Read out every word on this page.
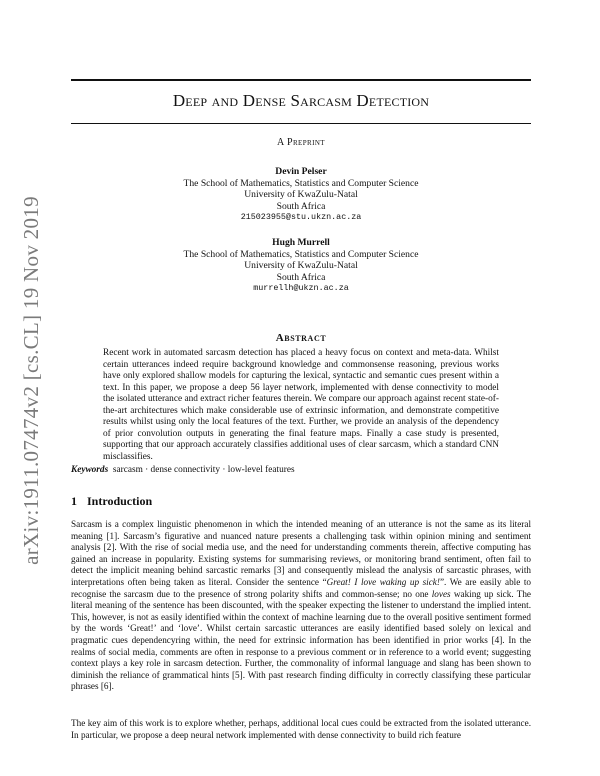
arXiv:1911.07474v2 [cs.CL] 19 Nov 2019
Deep and Dense Sarcasm Detection
A Preprint
Devin Pelser
The School of Mathematics, Statistics and Computer Science
University of KwaZulu-Natal
South Africa
215023955@stu.ukzn.ac.za
Hugh Murrell
The School of Mathematics, Statistics and Computer Science
University of KwaZulu-Natal
South Africa
murrellh@ukzn.ac.za
Abstract
Recent work in automated sarcasm detection has placed a heavy focus on context and meta-data. Whilst certain utterances indeed require background knowledge and commonsense reasoning, previous works have only explored shallow models for capturing the lexical, syntactic and semantic cues present within a text. In this paper, we propose a deep 56 layer network, implemented with dense connectivity to model the isolated utterance and extract richer features therein. We compare our approach against recent state-of-the-art architectures which make considerable use of extrinsic information, and demonstrate competitive results whilst using only the local features of the text. Further, we provide an analysis of the dependency of prior convolution outputs in generating the final feature maps. Finally a case study is presented, supporting that our approach accurately classifies additional uses of clear sarcasm, which a standard CNN misclassifies.
Keywords sarcasm · dense connectivity · low-level features
1 Introduction

Sarcasm is a complex linguistic phenomenon in which the intended meaning of an utterance is not the same as its literal meaning [1]. Sarcasm’s figurative and nuanced nature presents a challenging task within opinion mining and sentiment analysis [2]. With the rise of social media use, and the need for understanding comments therein, affective computing has gained an increase in popularity. Existing systems for summarising reviews, or monitoring brand sentiment, often fail to detect the implicit meaning behind sarcastic remarks [3] and consequently mislead the analysis of sarcastic phrases, with interpretations often being taken as literal. Consider the sentence “Great! I love waking up sick!”. We are easily able to recognise the sarcasm due to the presence of strong polarity shifts and common-sense; no one loves waking up sick. The literal meaning of the sentence has been discounted, with the speaker expecting the listener to understand the implied intent. This, however, is not as easily identified within the context of machine learning due to the overall positive sentiment formed by the words ‘Great!’ and ‘love’. Whilst certain sarcastic utterances are easily identified based solely on lexical and pragmatic cues dependencyring within, the need for extrinsic information has been identified in prior works [4]. In the realms of social media, comments are often in response to a previous comment or in reference to a world event; suggesting context plays a key role in sarcasm detection. Further, the commonality of informal language and slang has been shown to diminish the reliance of grammatical hints [5]. With past research finding difficulty in correctly classifying these particular phrases [6].

The key aim of this work is to explore whether, perhaps, additional local cues could be extracted from the isolated utterance. In particular, we propose a deep neural network implemented with dense connectivity to build rich feature
